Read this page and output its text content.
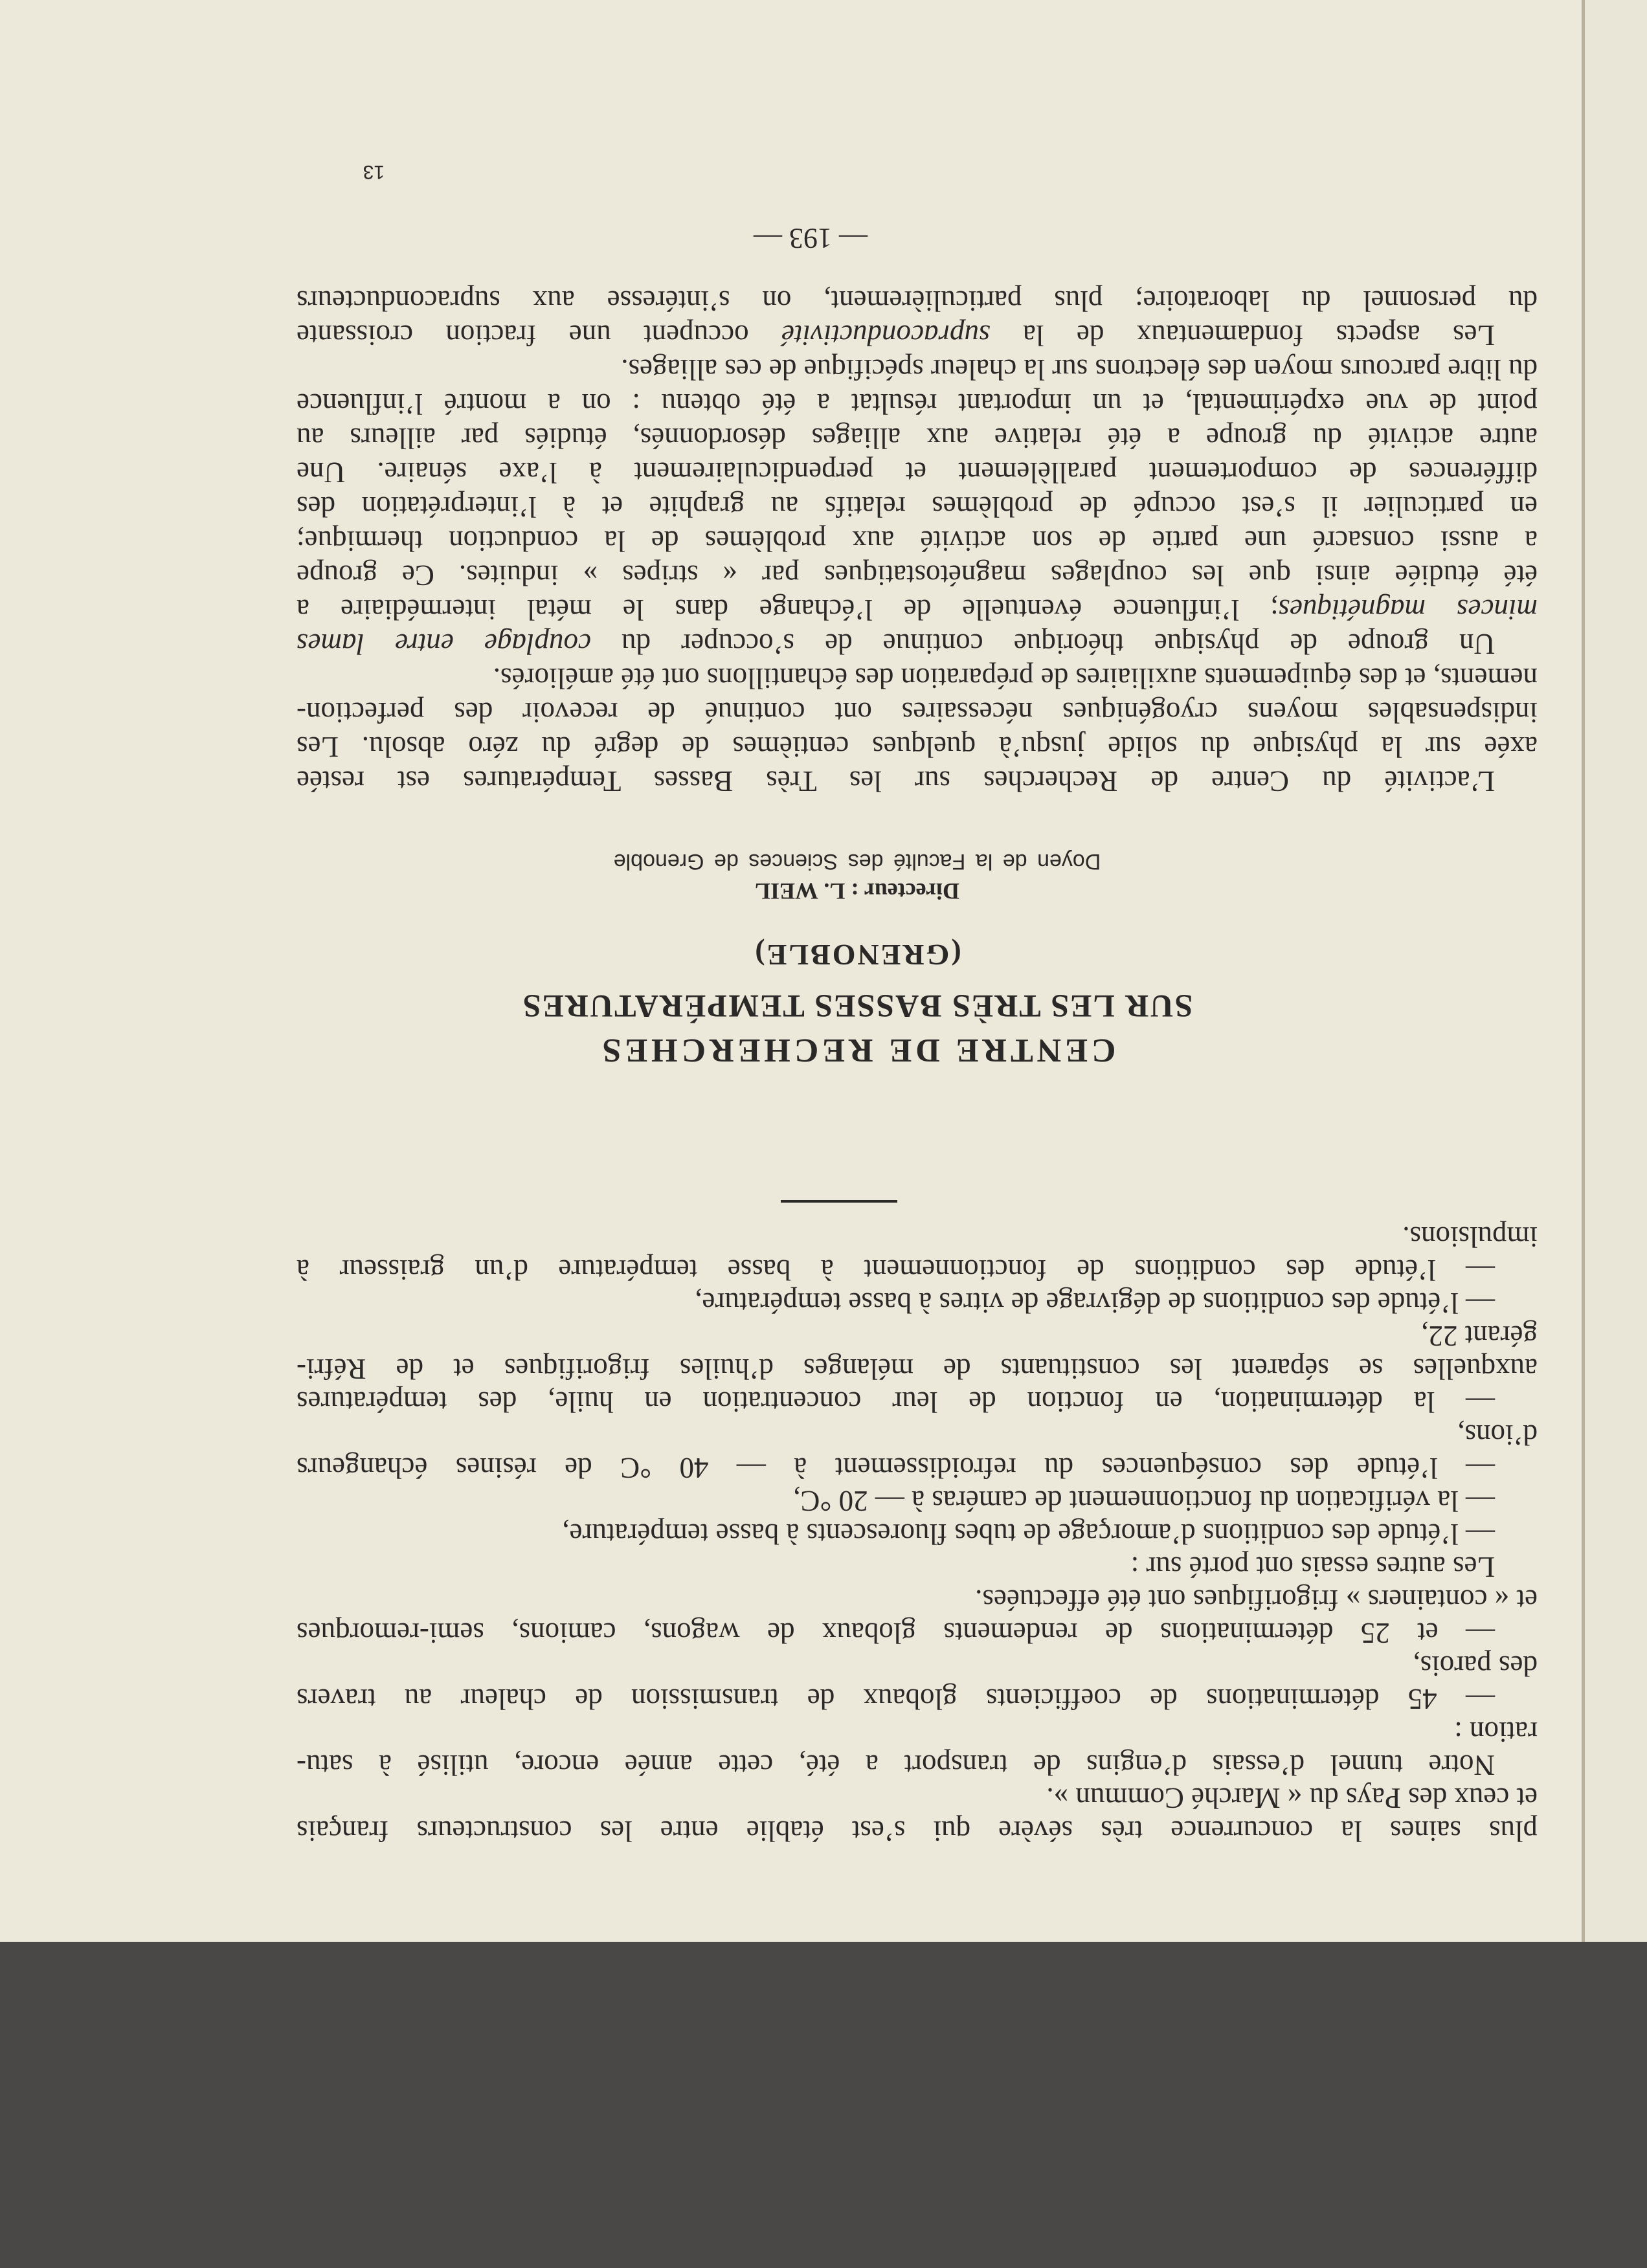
plus saines la concurrence très sévère qui s’est établie entre les constructeurs français
et ceux des Pays du « Marché Commun ».
Notre tunnel d’essais d’engins de transport a été, cette année encore, utilisé à satu-
ration :
— 45 déterminations de coefficients globaux de transmission de chaleur au travers
des parois,
— et 25 déterminations de rendements globaux de wagons, camions, semi-remorques
et « containers » frigorifiques ont été effectuées.
Les autres essais ont porté sur :
— l’étude des conditions d’amorçage de tubes fluorescents à basse température,
— la vérification du fonctionnement de caméras à — 20 °C,
— l’étude des conséquences du refroidissement à — 40 °C de résines échangeurs
d’ions,
— la détermination, en fonction de leur concentration en huile, des températures
auxquelles se séparent les constituants de mélanges d’huiles frigorifiques et de Réfri-
gérant 22,
— l’étude des conditions de dégivrage de vitres à basse température,
— l’étude des conditions de fonctionnement à basse température d’un graisseur à
impulsions.
CENTRE DE RECHERCHES
SUR LES TRÈS BASSES TEMPÉRATURES
(GRENOBLE)
Directeur : L. WEIL
Doyen de la Faculté des Sciences de Grenoble
L’activité du Centre de Recherches sur les Très Basses Températures est restée
axée sur la physique du solide jusqu’à quelques centièmes de degré du zéro absolu. Les
indispensables moyens cryogéniques nécessaires ont continué de recevoir des perfection-
nements, et des équipements auxiliaires de préparation des échantillons ont été améliorés.
Un groupe de physique théorique continue de s’occuper du couplage entre lames
minces magnétiques; l’influence éventuelle de l’échange dans le métal intermédiaire a
été étudiée ainsi que les couplages magnétostatiques par « stripes » induites. Ce groupe
a aussi consacré une partie de son activité aux problèmes de la conduction thermique;
en particulier il s’est occupé de problèmes relatifs au graphite et à l’interprétation des
différences de comportement parallèlement et perpendiculairement à l’axe sénaire. Une
autre activité du groupe a été relative aux alliages désordonnés, étudiés par ailleurs au
point de vue expérimental, et un important résultat a été obtenu : on a montré l’influence
du libre parcours moyen des électrons sur la chaleur spécifique de ces alliages.
Les aspects fondamentaux de la supraconductivité occupent une fraction croissante
du personnel du laboratoire; plus particulièrement, on s’intéresse aux supraconducteurs
— 193 —
13
